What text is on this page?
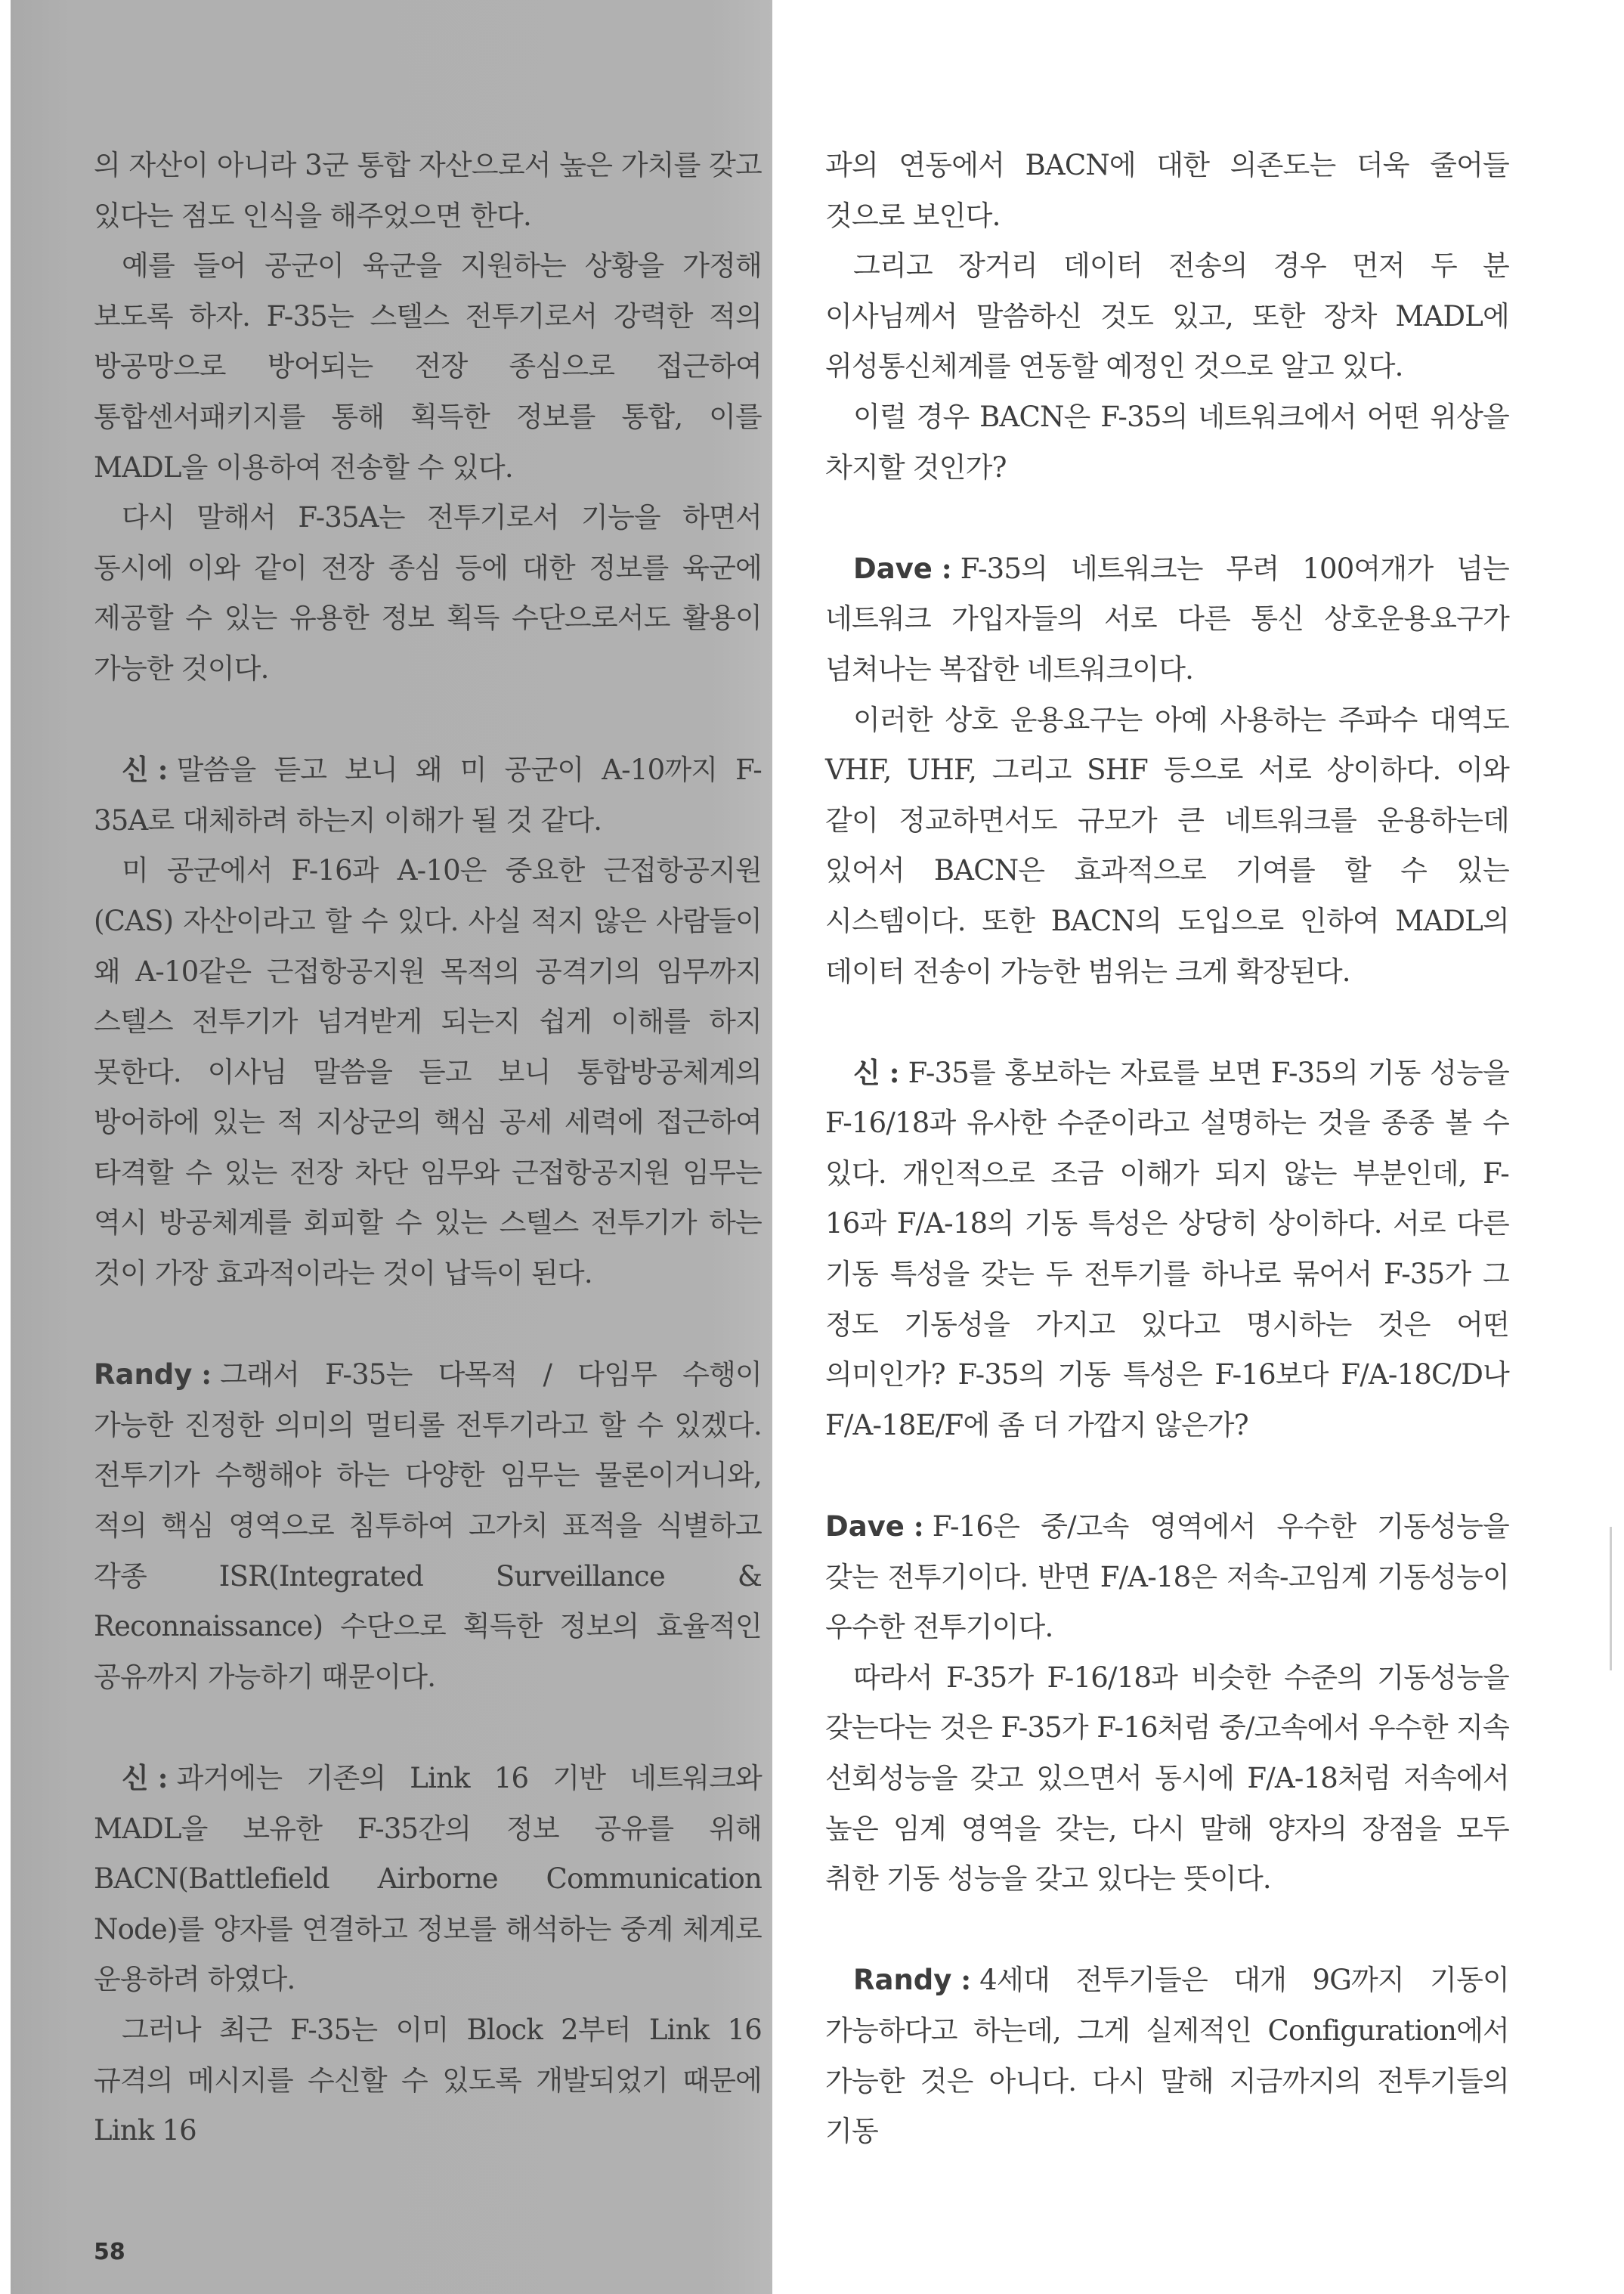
의 자산이 아니라 3군 통합 자산으로서 높은 가치를 갖고 있다는 점도 인식을 해주었으면 한다.

예를 들어 공군이 육군을 지원하는 상황을 가정해 보도록 하자. F-35는 스텔스 전투기로서 강력한 적의 방공망으로 방어되는 전장 종심으로 접근하여 통합센서패키지를 통해 획득한 정보를 통합, 이를 MADL을 이용하여 전송할 수 있다.

다시 말해서 F-35A는 전투기로서 기능을 하면서 동시에 이와 같이 전장 종심 등에 대한 정보를 육군에 제공할 수 있는 유용한 정보 획득 수단으로서도 활용이 가능한 것이다.

신 : 말씀을 듣고 보니 왜 미 공군이 A-10까지 F-35A로 대체하려 하는지 이해가 될 것 같다.

미 공군에서 F-16과 A-10은 중요한 근접항공지원(CAS) 자산이라고 할 수 있다. 사실 적지 않은 사람들이 왜 A-10같은 근접항공지원 목적의 공격기의 임무까지 스텔스 전투기가 넘겨받게 되는지 쉽게 이해를 하지 못한다. 이사님 말씀을 듣고 보니 통합방공체계의 방어하에 있는 적 지상군의 핵심 공세 세력에 접근하여 타격할 수 있는 전장 차단 임무와 근접항공지원 임무는 역시 방공체계를 회피할 수 있는 스텔스 전투기가 하는 것이 가장 효과적이라는 것이 납득이 된다.

Randy : 그래서 F-35는 다목적 / 다임무 수행이 가능한 진정한 의미의 멀티롤 전투기라고 할 수 있겠다. 전투기가 수행해야 하는 다양한 임무는 물론이거니와, 적의 핵심 영역으로 침투하여 고가치 표적을 식별하고 각종 ISR(Integrated Surveillance & Reconnaissance) 수단으로 획득한 정보의 효율적인 공유까지 가능하기 때문이다.

신 : 과거에는 기존의 Link 16 기반 네트워크와 MADL을 보유한 F-35간의 정보 공유를 위해 BACN(Battlefield Airborne Communication Node)를 양자를 연결하고 정보를 해석하는 중계 체계로 운용하려 하였다.

그러나 최근 F-35는 이미 Block 2부터 Link 16 규격의 메시지를 수신할 수 있도록 개발되었기 때문에 Link 16

과의 연동에서 BACN에 대한 의존도는 더욱 줄어들 것으로 보인다.

그리고 장거리 데이터 전송의 경우 먼저 두 분 이사님께서 말씀하신 것도 있고, 또한 장차 MADL에 위성통신체계를 연동할 예정인 것으로 알고 있다.

이럴 경우 BACN은 F-35의 네트워크에서 어떤 위상을 차지할 것인가?

Dave : F-35의 네트워크는 무려 100여개가 넘는 네트워크 가입자들의 서로 다른 통신 상호운용요구가 넘쳐나는 복잡한 네트워크이다.

이러한 상호 운용요구는 아예 사용하는 주파수 대역도 VHF, UHF, 그리고 SHF 등으로 서로 상이하다. 이와 같이 정교하면서도 규모가 큰 네트워크를 운용하는데 있어서 BACN은 효과적으로 기여를 할 수 있는 시스템이다. 또한 BACN의 도입으로 인하여 MADL의 데이터 전송이 가능한 범위는 크게 확장된다.

신 : F-35를 홍보하는 자료를 보면 F-35의 기동 성능을 F-16/18과 유사한 수준이라고 설명하는 것을 종종 볼 수 있다. 개인적으로 조금 이해가 되지 않는 부분인데, F-16과 F/A-18의 기동 특성은 상당히 상이하다. 서로 다른 기동 특성을 갖는 두 전투기를 하나로 묶어서 F-35가 그 정도 기동성을 가지고 있다고 명시하는 것은 어떤 의미인가? F-35의 기동 특성은 F-16보다 F/A-18C/D나 F/A-18E/F에 좀 더 가깝지 않은가?

Dave : F-16은 중/고속 영역에서 우수한 기동성능을 갖는 전투기이다. 반면 F/A-18은 저속-고임계 기동성능이 우수한 전투기이다.

따라서 F-35가 F-16/18과 비슷한 수준의 기동성능을 갖는다는 것은 F-35가 F-16처럼 중/고속에서 우수한 지속 선회성능을 갖고 있으면서 동시에 F/A-18처럼 저속에서 높은 임계 영역을 갖는, 다시 말해 양자의 장점을 모두 취한 기동 성능을 갖고 있다는 뜻이다.

Randy : 4세대 전투기들은 대개 9G까지 기동이 가능하다고 하는데, 그게 실제적인 Configuration에서 가능한 것은 아니다. 다시 말해 지금까지의 전투기들의 기동

58
